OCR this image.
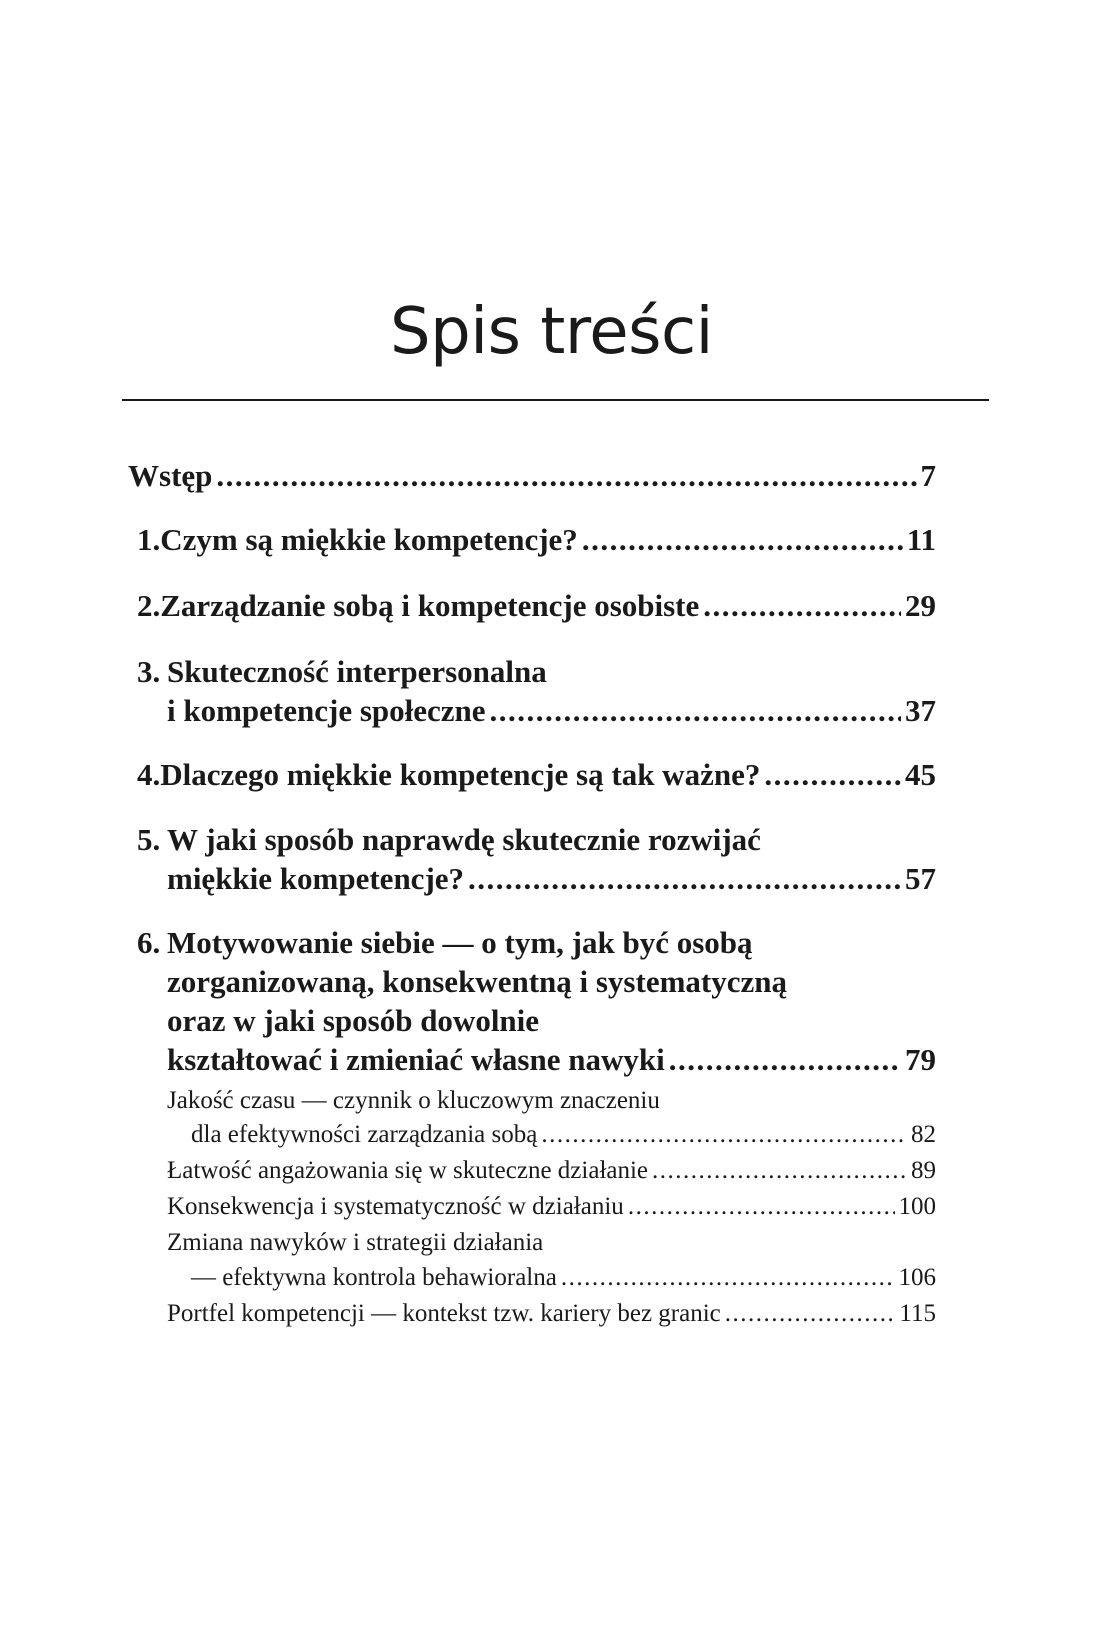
Spis treści
Wstęp .....	7
1. Czym są miękkie kompetencje? .....	11
2. Zarządzanie sobą i kompetencje osobiste .....	29
3. Skuteczność interpersonalna
i kompetencje społeczne .....	37
4. Dlaczego miękkie kompetencje są tak ważne? .....	45
5. W jaki sposób naprawdę skutecznie rozwijać
miękkie kompetencje? .....	57
6. Motywowanie siebie — o tym, jak być osobą
zorganizowaną, konsekwentną i systematyczną
oraz w jaki sposób dowolnie
kształtować i zmieniać własne nawyki .....	79
Jakość czasu — czynnik o kluczowym znaczeniu
dla efektywności zarządzania sobą .....	82
Łatwość angażowania się w skuteczne działanie .....	89
Konsekwencja i systematyczność w działaniu .....	100
Zmiana nawyków i strategii działania
— efektywna kontrola behawioralna .....	106
Portfel kompetencji — kontekst tzw. kariery bez granic .....	115
